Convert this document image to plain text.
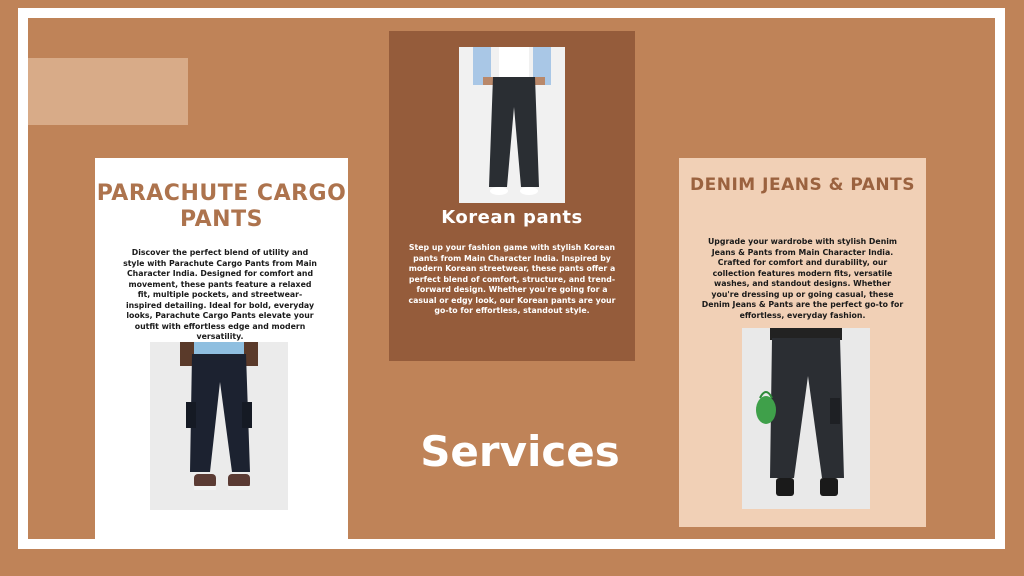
PARACHUTE CARGO PANTS
Discover the perfect blend of utility and style with Parachute Cargo Pants from Main Character India. Designed for comfort and movement, these pants feature a relaxed fit, multiple pockets, and streetwear-inspired detailing. Ideal for bold, everyday looks, Parachute Cargo Pants elevate your outfit with effortless edge and modern versatility.
Korean pants
Step up your fashion game with stylish Korean pants from Main Character India. Inspired by modern Korean streetwear, these pants offer a perfect blend of comfort, structure, and trend-forward design. Whether you're going for a casual or edgy look, our Korean pants are your go-to for effortless, standout style.
DENIM JEANS & PANTS
Upgrade your wardrobe with stylish Denim Jeans & Pants from Main Character India. Crafted for comfort and durability, our collection features modern fits, versatile washes, and standout designs. Whether you're dressing up or going casual, these Denim Jeans & Pants are the perfect go-to for effortless, everyday fashion.
Services
